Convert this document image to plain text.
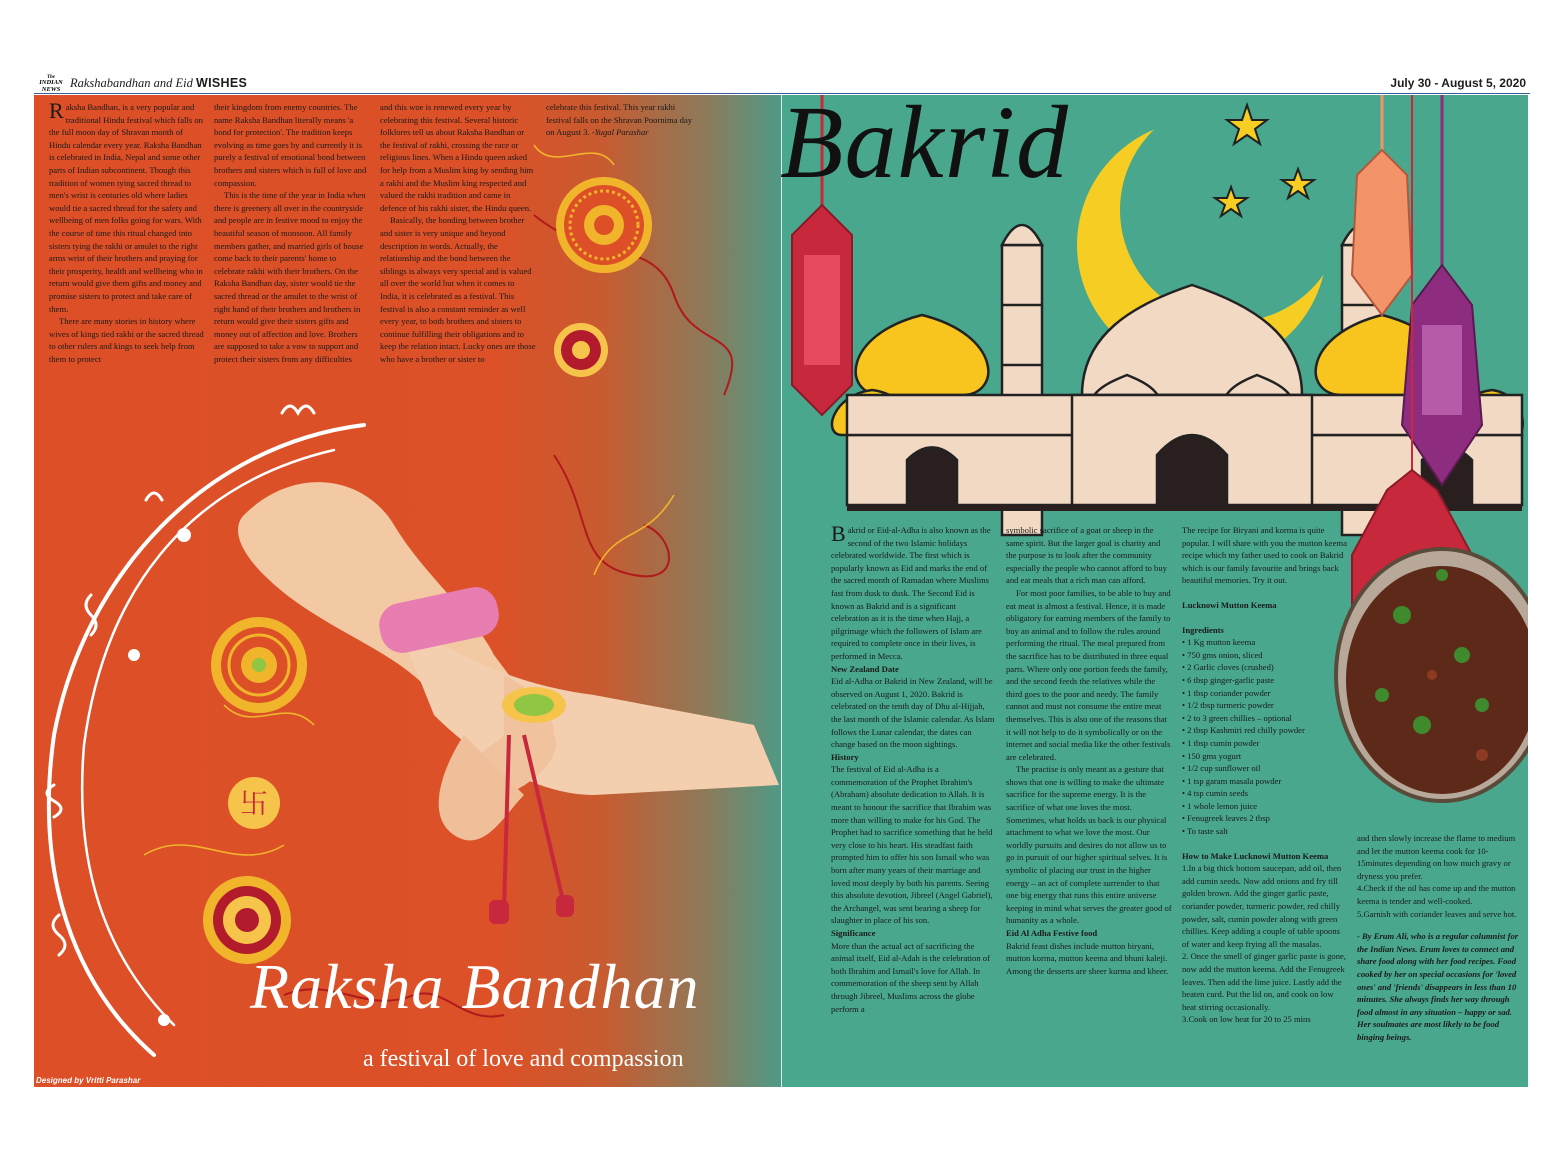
The
INDIAN
NEWS Rakshabandhan and Eid WISHES	July 30 - August 5, 2020
卐

Raksha Bandhan, is a very popular and traditional Hindu festival which falls on the full moon day of Shravan month of Hindu calendar every year. Raksha Bandhan is celebrated in India, Nepal and some other parts of Indian subcontinent. Though this tradition of women tying sacred thread to men's wrist is centuries old where ladies would tie a sacred thread for the safety and wellbeing of men folks going for wars. With the course of time this ritual changed into sisters tying the rakhi or amulet to the right arms wrist of their brothers and praying for their prosperity, health and wellbeing who in return would give them gifts and money and promise sisters to protect and take care of them.

There are many stories in history where wives of kings tied rakhi or the sacred thread to other rulers and kings to seek help from them to protect

their kingdom from enemy countries. The name Raksha Bandhan literally means 'a bond for protection'. The tradition keeps evolving as time goes by and currently it is purely a festival of emotional bond between brothers and sisters which is full of love and compassion.

This is the time of the year in India when there is greenery all over in the countryside and people are in festive mood to enjoy the beautiful season of monsoon. All family members gather, and married girls of house come back to their parents' home to celebrate rakhi with their brothers. On the Raksha Bandhan day, sister would tie the sacred thread or the amulet to the wrist of right hand of their brothers and brothers in return would give their sisters gifts and money out of affection and love. Brothers are supposed to take a vow to support and protect their sisters from any difficulties

and this woe is renewed every year by celebrating this festival. Several historic folklores tell us about Raksha Bandhan or the festival of rakhi, crossing the race or religious lines. When a Hindu queen asked for help from a Muslim king by sending him a rakhi and the Muslim king respected and valued the rakhi tradition and came in defence of his rakhi sister, the Hindu queen.

Basically, the bonding between brother and sister is very unique and beyond description in words. Actually, the relationship and the bond between the siblings is always very special and is valued all over the world but when it comes to India, it is celebrated as a festival. This festival is also a constant reminder as well every year, to both brothers and sisters to continue fulfilling their obligations and to keep the relation intact. Lucky ones are those who have a brother or sister to

celebrate this festival. This year rakhi festival falls on the Shravan Poornima day on August 3. -Yugal Parashar	Bakrid

Bakrid or Eid-al-Adha is also known as the second of the two Islamic holidays celebrated worldwide. The first which is popularly known as Eid and marks the end of the sacred month of Ramadan where Muslims fast from dusk to dusk. The Second Eid is known as Bakrid and is a significant celebration as it is the time when Hajj, a pilgrimage which the followers of Islam are required to complete once in their lives, is performed in Mecca.

New Zealand Date

Eid al-Adha or Bakrid in New Zealand, will be observed on August 1, 2020. Bakrid is celebrated on the tenth day of Dhu al-Hijjah, the last month of the Islamic calendar. As Islam follows the Lunar calendar, the dates can change based on the moon sightings.

History

The festival of Eid al-Adha is a commemoration of the Prophet Ibrahim's (Abraham) absolute dedication to Allah. It is meant to honour the sacrifice that Ibrahim was more than willing to make for his God. The Prophet had to sacrifice something that he held very close to his heart. His steadfast faith prompted him to offer his son Ismail who was born after many years of their marriage and loved most deeply by both his parents. Seeing this absolute devotion, Jibreel (Angel Gabriel), the Archangel, was sent bearing a sheep for slaughter in place of his son.

Significance

More than the actual act of sacrificing the animal itself, Eid al-Adah is the celebration of both Ibrahim and Ismail's love for Allah. In commemoration of the sheep sent by Allah through Jibreel, Muslims across the globe perform a

symbolic sacrifice of a goat or sheep in the same spirit. But the larger goal is charity and the purpose is to look after the community especially the people who cannot afford to buy and eat meals that a rich man can afford.

For most poor families, to be able to buy and eat meat is almost a festival. Hence, it is made obligatory for earning members of the family to buy an animal and to follow the rules around performing the ritual. The meal prepared from the sacrifice has to be distributed in three equal parts. Where only one portion feeds the family, and the second feeds the relatives while the third goes to the poor and needy. The family cannot and must not consume the entire meat themselves. This is also one of the reasons that it will not help to do it symbolically or on the internet and social media like the other festivals are celebrated.

The practise is only meant as a gesture that shows that one is willing to make the ultimate sacrifice for the supreme energy. It is the sacrifice of what one loves the most. Sometimes, what holds us back is our physical attachment to what we love the most. Our worldly pursuits and desires do not allow us to go in pursuit of our higher spiritual selves. It is symbolic of placing our trust in the higher energy – an act of complete surrender to that one big energy that runs this entire universe keeping in mind what serves the greater good of humanity as a whole.

Eid Al Adha Festive food

Bakrid feast dishes include mutton biryani, mutton korma, mutton keema and bhuni kaleji. Among the desserts are sheer kurma and kheer.

The recipe for Biryani and korma is quite popular. I will share with you the mutton keema recipe which my father used to cook on Bakrid which is our family favourite and brings back beautiful memories. Try it out.

Lucknowi Mutton Keema

Ingredients

• 1 Kg mutton keema

• 750 gms onion, sliced

• 2 Garlic cloves (crushed)

• 6 tbsp ginger-garlic paste

• 1 tbsp coriander powder

• 1/2 tbsp turmeric powder

• 2 to 3 green chillies – optional

• 2 tbsp Kashmiri red chilly powder

• 1 tbsp cumin powder

• 150 gms yogurt

• 1/2 cup sunflower oil

• 1 tsp garam masala powder

• 4 tsp cumin seeds

• 1 whole lemon juice

• Fenugreek leaves 2 tbsp

• To taste salt

How to Make Lucknowi Mutton Keema

1.In a big thick bottom saucepan, add oil, then add cumin seeds. Now add onions and fry till golden brown. Add the ginger garlic paste, coriander powder, turmeric powder, red chilly powder, salt, cumin powder along with green chillies. Keep adding a couple of table spoons of water and keep frying all the masalas.

2. Once the smell of ginger garlic paste is gone, now add the mutton keema. Add the Fenugreek leaves. Then add the lime juice. Lastly add the beaten curd. Put the lid on, and cook on low heat stirring occasionally.

3.Cook on low heat for 20 to 25 mins

and then slowly increase the flame to medium and let the mutton keema cook for 10-15minutes depending on how much gravy or dryness you prefer.

4.Check if the oil has come up and the mutton keema is tender and well-cooked.

5.Garnish with coriander leaves and serve hot.

- By Erum Ali, who is a regular columnist for the Indian News. Erum loves to connect and share food along with her food recipes. Food cooked by her on special occasions for 'loved ones' and 'friends' disappears in less than 10 minutes. She always finds her way through food almost in any situation – happy or sad. Her soulmates are most likely to be food binging beings.

Raksha Bandhan
a festival of love and compassion
Designed by Vritti Parashar
